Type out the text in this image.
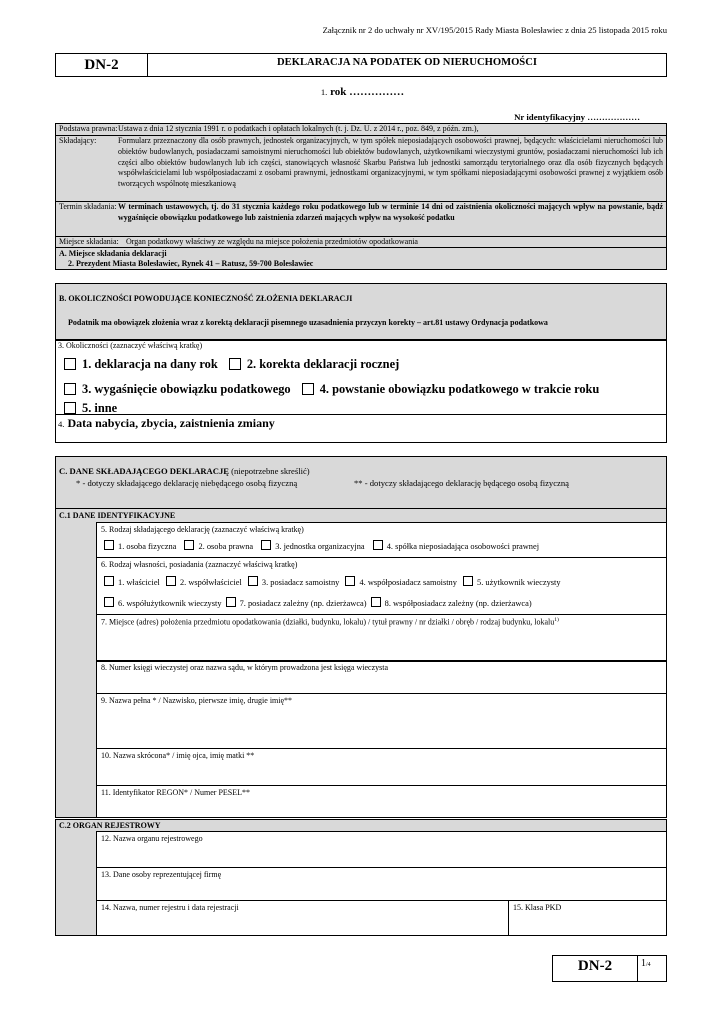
Załącznik nr 2 do uchwały nr XV/195/2015 Rady Miasta Bolesławiec z dnia 25 listopada 2015 roku
DN-2	DEKLARACJA NA PODATEK OD NIERUCHOMOŚCI
1. rok ……………
Nr identyfikacyjny ………………
Podstawa prawna: Ustawa z dnia 12 stycznia 1991 r. o podatkach i opłatach lokalnych (t. j. Dz. U. z 2014 r., poz. 849, z późn. zm.),
Składający:	Formularz przeznaczony dla osób prawnych, jednostek organizacyjnych, w tym spółek nieposiadających osobowości prawnej, będących: właścicielami nieruchomości lub obiektów budowlanych, posiadaczami samoistnymi nieruchomości lub obiektów budowlanych, użytkownikami wieczystymi gruntów, posiadaczami nieruchomości lub ich części albo obiektów budowlanych lub ich części, stanowiących własność Skarbu Państwa lub jednostki samorządu terytorialnego oraz dla osób fizycznych będących współwłaścicielami lub współposiadaczami z osobami prawnymi, jednostkami organizacyjnymi, w tym spółkami nieposiadającymi osobowości prawnej z wyjątkiem osób tworzących wspólnotę mieszkaniową
Termin składania: W terminach ustawowych, tj. do 31 stycznia każdego roku podatkowego lub w terminie 14 dni od zaistnienia okoliczności mających wpływ na powstanie, bądź wygaśnięcie obowiązku podatkowego lub zaistnienia zdarzeń mających wpływ na wysokość podatku
Miejsce składania: Organ podatkowy właściwy ze względu na miejsce położenia przedmiotów opodatkowania
A. Miejsce składania deklaracji
2. Prezydent Miasta Bolesławiec, Rynek 41 – Ratusz, 59-700 Bolesławiec
B. OKOLICZNOŚCI POWODUJĄCE KONIECZNOŚĆ ZŁOŻENIA DEKLARACJI
Podatnik ma obowiązek złożenia wraz z korektą deklaracji pisemnego uzasadnienia przyczyn korekty – art.81 ustawy Ordynacja podatkowa
3. Okoliczności (zaznaczyć właściwą kratkę)
1. deklaracja na dany rok 2. korekta deklaracji rocznej
3. wygaśnięcie obowiązku podatkowego 4. powstanie obowiązku podatkowego w trakcie roku
5. inne
4. Data nabycia, zbycia, zaistnienia zmiany
C. DANE SKŁADAJĄCEGO DEKLARACJĘ (niepotrzebne skreślić)
* - dotyczy składającego deklarację niebędącego osobą fizyczną	** - dotyczy składającego deklarację będącego osobą fizyczną
C.1 DANE IDENTYFIKACYJNE
5. Rodzaj składającego deklarację (zaznaczyć właściwą kratkę)
1. osoba fizyczna	2. osoba prawna	3. jednostka organizacyjna	4. spółka nieposiadająca osobowości prawnej
6. Rodzaj własności, posiadania (zaznaczyć właściwą kratkę)
1. właściciel 2. współwłaściciel 3. posiadacz samoistny 4. współposiadacz samoistny 5. użytkownik wieczysty
6. współużytkownik wieczysty 7. posiadacz zależny (np. dzierżawca) 8. współposiadacz zależny (np. dzierżawca)
7. Miejsce (adres) położenia przedmiotu opodatkowania (działki, budynku, lokalu) / tytuł prawny / nr działki / obręb / rodzaj budynku, lokalu$^{1)}$
8. Numer księgi wieczystej oraz nazwa sądu, w którym prowadzona jest księga wieczysta
9. Nazwa pełna * / Nazwisko, pierwsze imię, drugie imię**
10. Nazwa skrócona* / imię ojca, imię matki **
11. Identyfikator REGON* / Numer PESEL**
C.2 ORGAN REJESTROWY
12. Nazwa organu rejestrowego
13. Dane osoby reprezentującej firmę
14. Nazwa, numer rejestru i data rejestracji	15. Klasa PKD
DN-2	1/4
